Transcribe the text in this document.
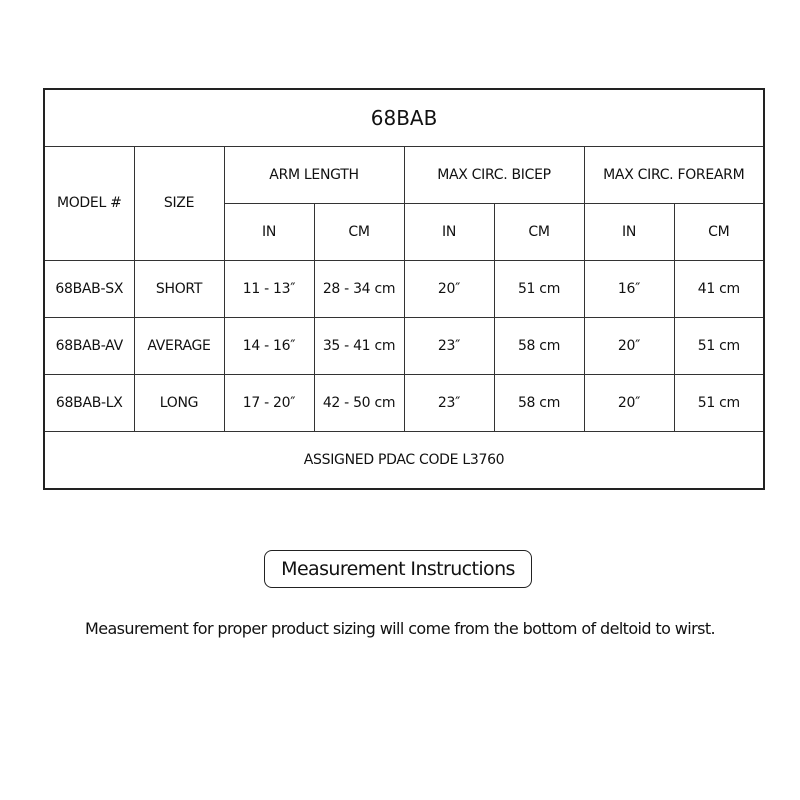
68BAB							
MODEL #	SIZE	ARM LENGTH		MAX CIRC. BICEP		MAX CIRC. FOREARM	
		IN	CM	IN	CM	IN	CM
68BAB-SX	SHORT	11 - 13″	28 - 34 cm	20″	51 cm	16″	41 cm
68BAB-AV	AVERAGE	14 - 16″	35 - 41 cm	23″	58 cm	20″	51 cm
68BAB-LX	LONG	17 - 20″	42 - 50 cm	23″	58 cm	20″	51 cm
ASSIGNED PDAC CODE L3760							
Measurement Instructions
Measurement for proper product sizing will come from the bottom of deltoid to wirst.
